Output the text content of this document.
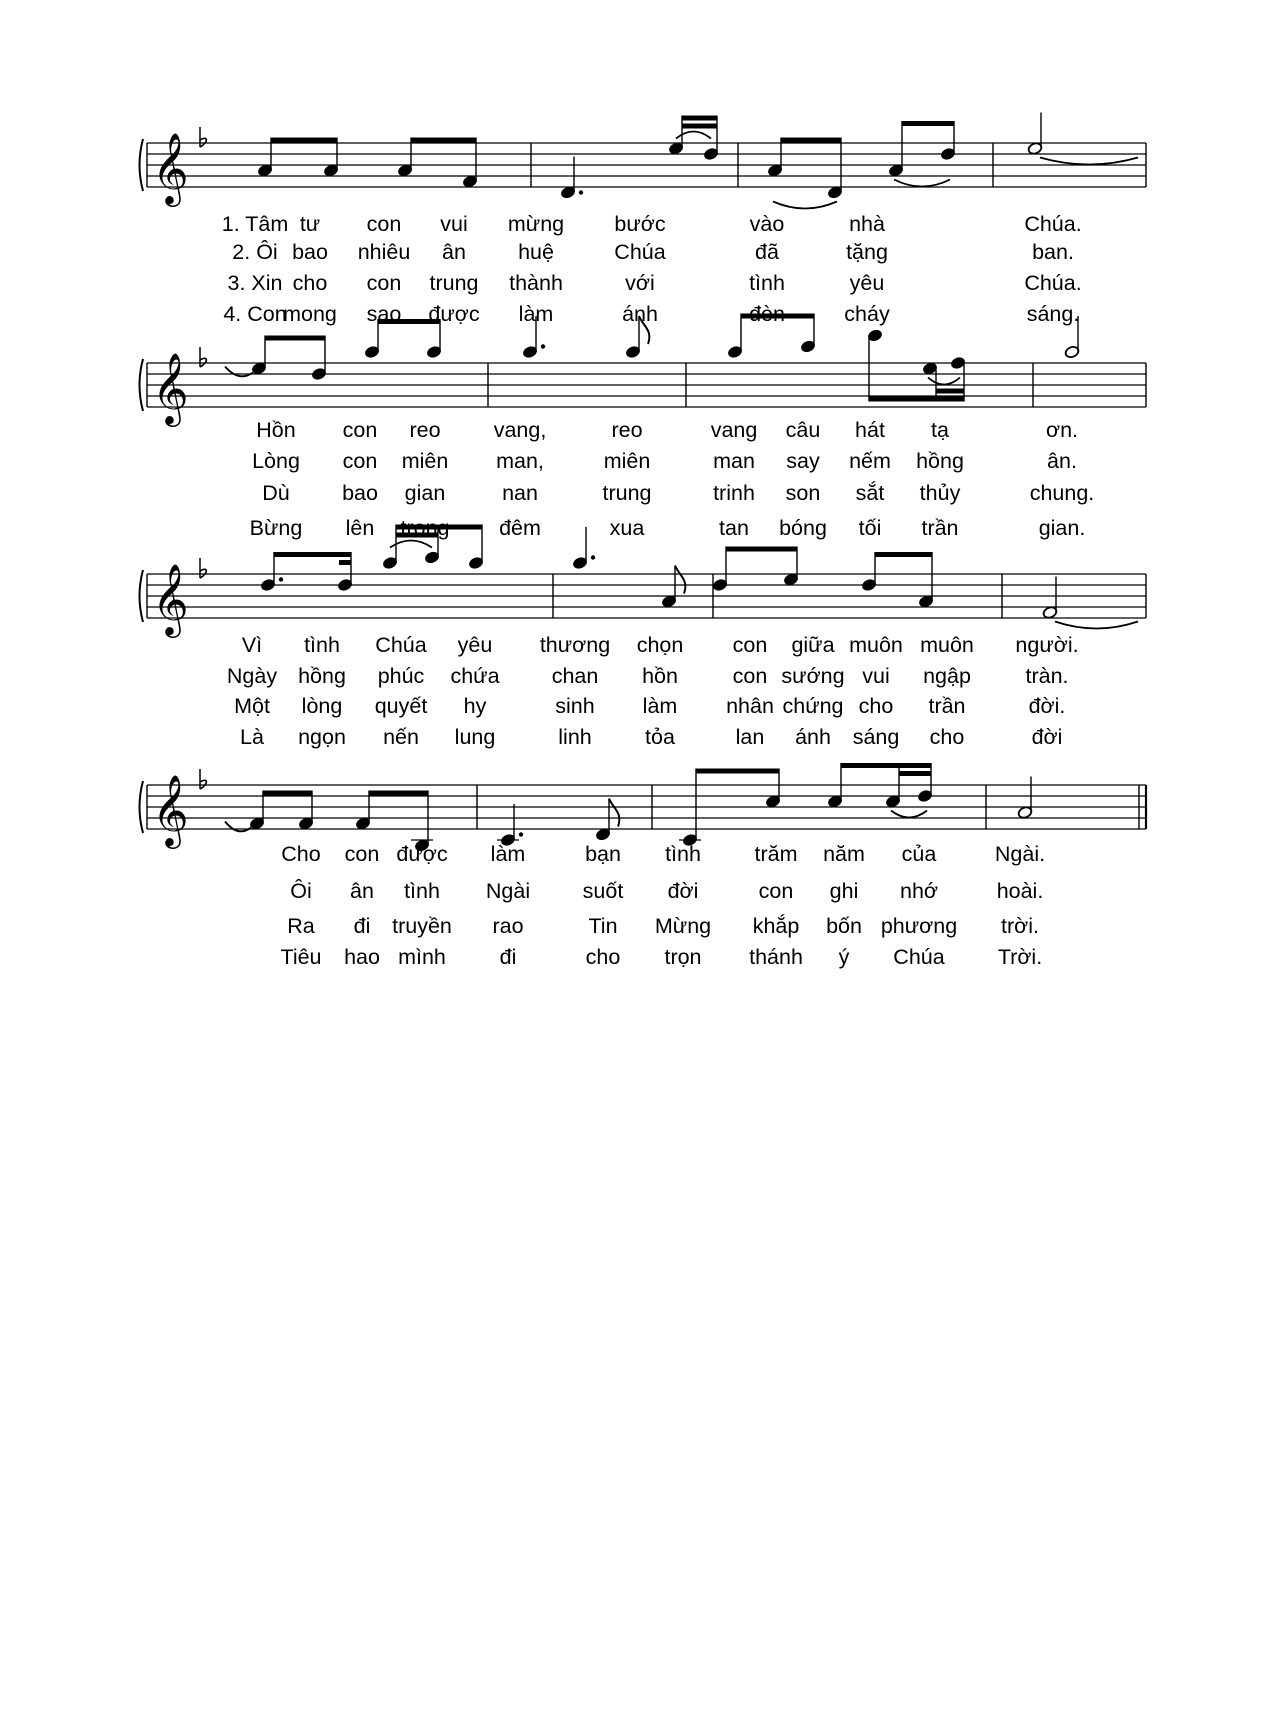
𝄞
𝄞
𝄞
𝄞
1. Tâm tư con vui mừng bước	vào	nhà	Chúa.
2. Ôi bao nhiêu ân huệ	Chúa	đã	tặng	ban.
3. Xin cho con trung thành	với	tình	yêu	Chúa.
4. Con
mong sao được làm	ánh	đèn	cháy	sáng.
Hồn con reo vang,	reo	vang câu hát tạ	ơn.
Lòng con miên man,	miên	man say nếm hồng	ân.
Dù bao gian	nan	trung	trinh son sắt thủy	chung.
Bừng lên trong đêm	xua	tan bóng tối trần	gian.
Vì tình Chúa yêu thương chọn con giữa muôn muôn người.
Ngày hồng phúc chứa chan hồn	con sướng vui ngập	tràn.
Một lòng quyết hy	sinh làm nhân chứng cho trần	đời.
Là ngọn nến lung	linh tỏa	lan ánh sáng cho	đời
Cho con được làm	bạn tình trăm năm của	Ngài.
Ôi ân tình Ngài suốt đời	con ghi nhớ	hoài.
Ra đi truyền rao	Tin Mừng khắp bốn phương trời.
Tiêu hao mình đi	cho trọn thánh ý Chúa Trời.
